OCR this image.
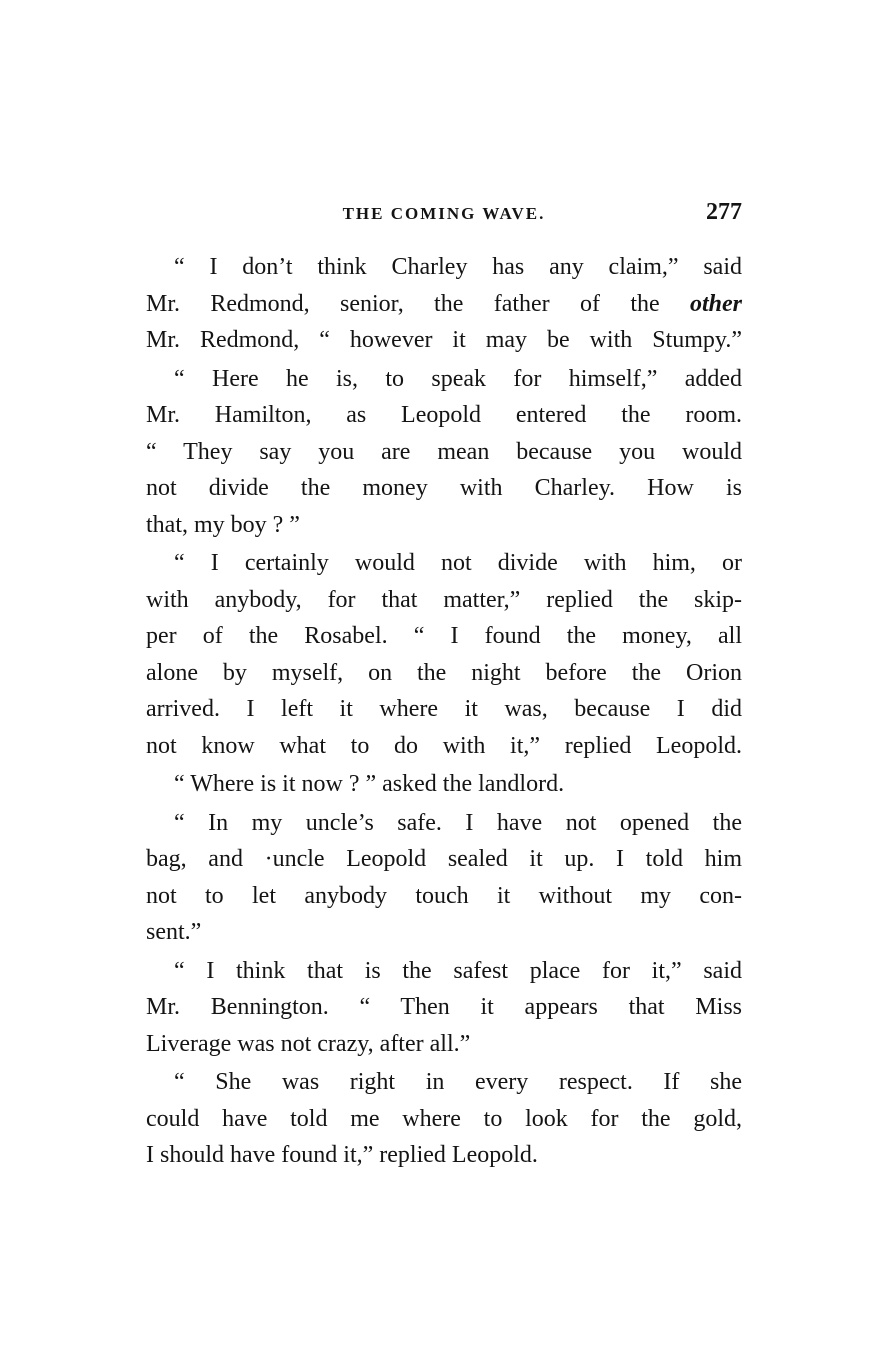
THE COMING WAVE.	277

“ I don’t think Charley has any claim,” said
Mr. Redmond, senior, the father of the other
Mr. Redmond, “ however it may be with Stumpy.”

“ Here he is, to speak for himself,” added
Mr. Hamilton, as Leopold entered the room.
“ They say you are mean because you would
not divide the money with Charley. How is
that, my boy ? ”

“ I certainly would not divide with him, or
with anybody, for that matter,” replied the skip-
per of the Rosabel. “ I found the money, all
alone by myself, on the night before the Orion
arrived. I left it where it was, because I did
not know what to do with it,” replied Leopold.

“ Where is it now ? ” asked the landlord.

“ In my uncle’s safe. I have not opened the
bag, and ·uncle Leopold sealed it up. I told him
not to let anybody touch it without my con-
sent.”

“ I think that is the safest place for it,” said
Mr. Bennington. “ Then it appears that Miss
Liverage was not crazy, after all.”

“ She was right in every respect. If she
could have told me where to look for the gold,
I should have found it,” replied Leopold.
